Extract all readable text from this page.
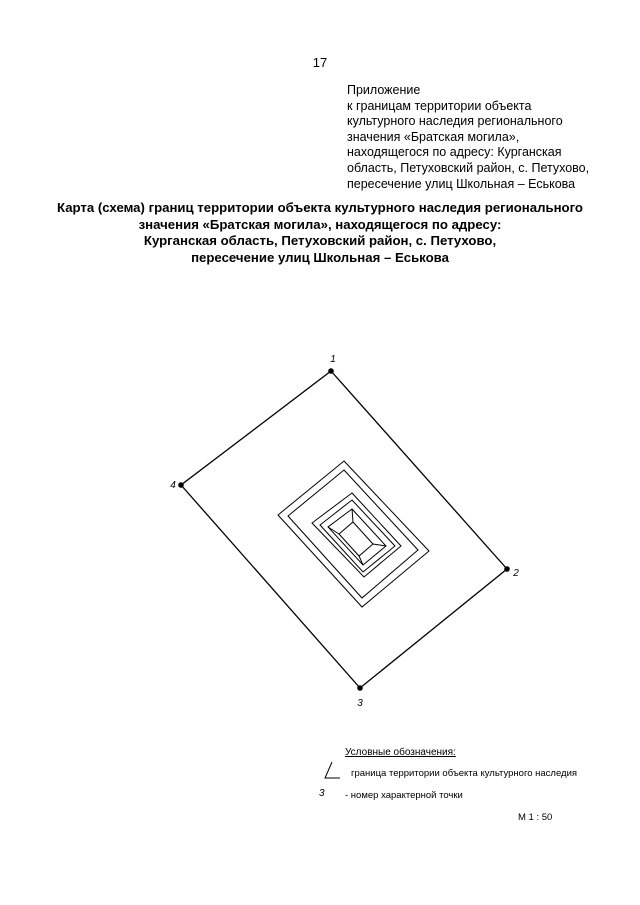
17
Приложение
к границам территории объекта
культурного наследия регионального
значения «Братская могила»,
находящегося по адресу: Курганская
область, Петуховский район, с. Петухово,
пересечение улиц Школьная – Еськова
Карта (схема) границ территории объекта культурного наследия регионального
значения «Братская могила», находящегося по адресу:
Курганская область, Петуховский район, с. Петухово,
пересечение улиц Школьная – Еськова
1
2
3
4
Условные обозначения:
граница территории объекта культурного наследия
3 - номер характерной точки
М 1 : 50
